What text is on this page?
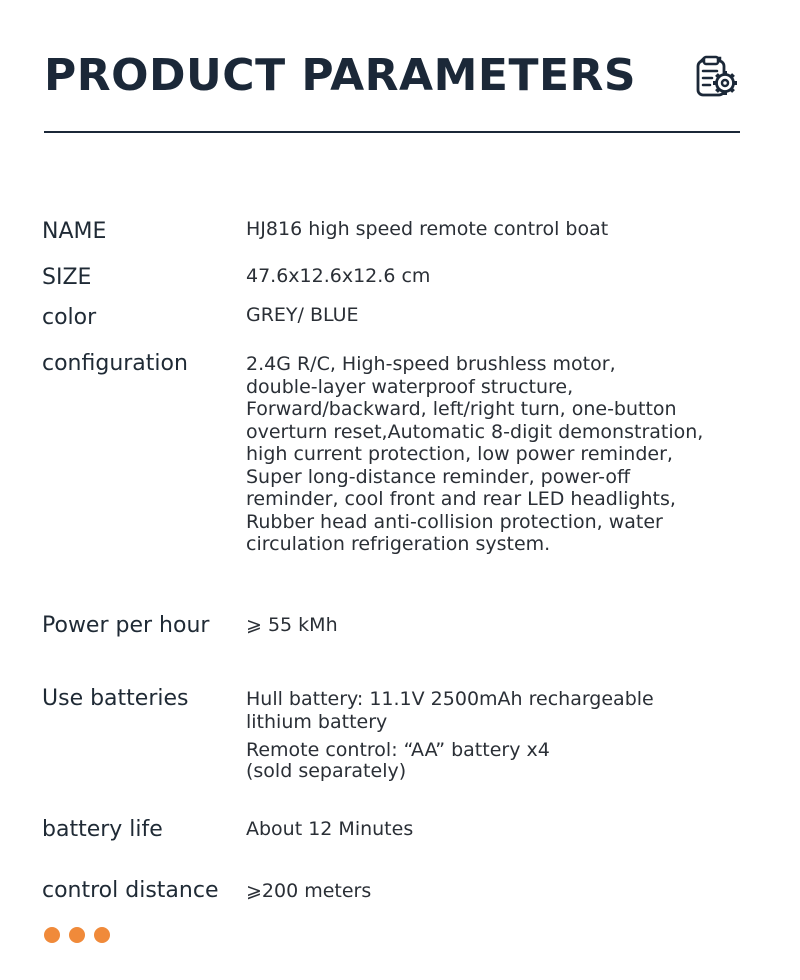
PRODUCT PARAMETERS
NAME	HJ816 high speed remote control boat
SIZE	47.6x12.6x12.6 cm
color	GREY/ BLUE
configuration	2.4G R/C, High-speed brushless motor,
double-layer waterproof structure,
Forward/backward, left/right turn, one-button
overturn reset,Automatic 8-digit demonstration,
high current protection, low power reminder,
Super long-distance reminder, power-off
reminder, cool front and rear LED headlights,
Rubber head anti-collision protection, water
circulation refrigeration system.
Power per hour ⩾ 55 kMh
Use batteries	Hull battery: 11.1V 2500mAh rechargeable
lithium battery
Remote control: “AA” battery x4
(sold separately)
battery life	About 12 Minutes
control distance ⩾200 meters
